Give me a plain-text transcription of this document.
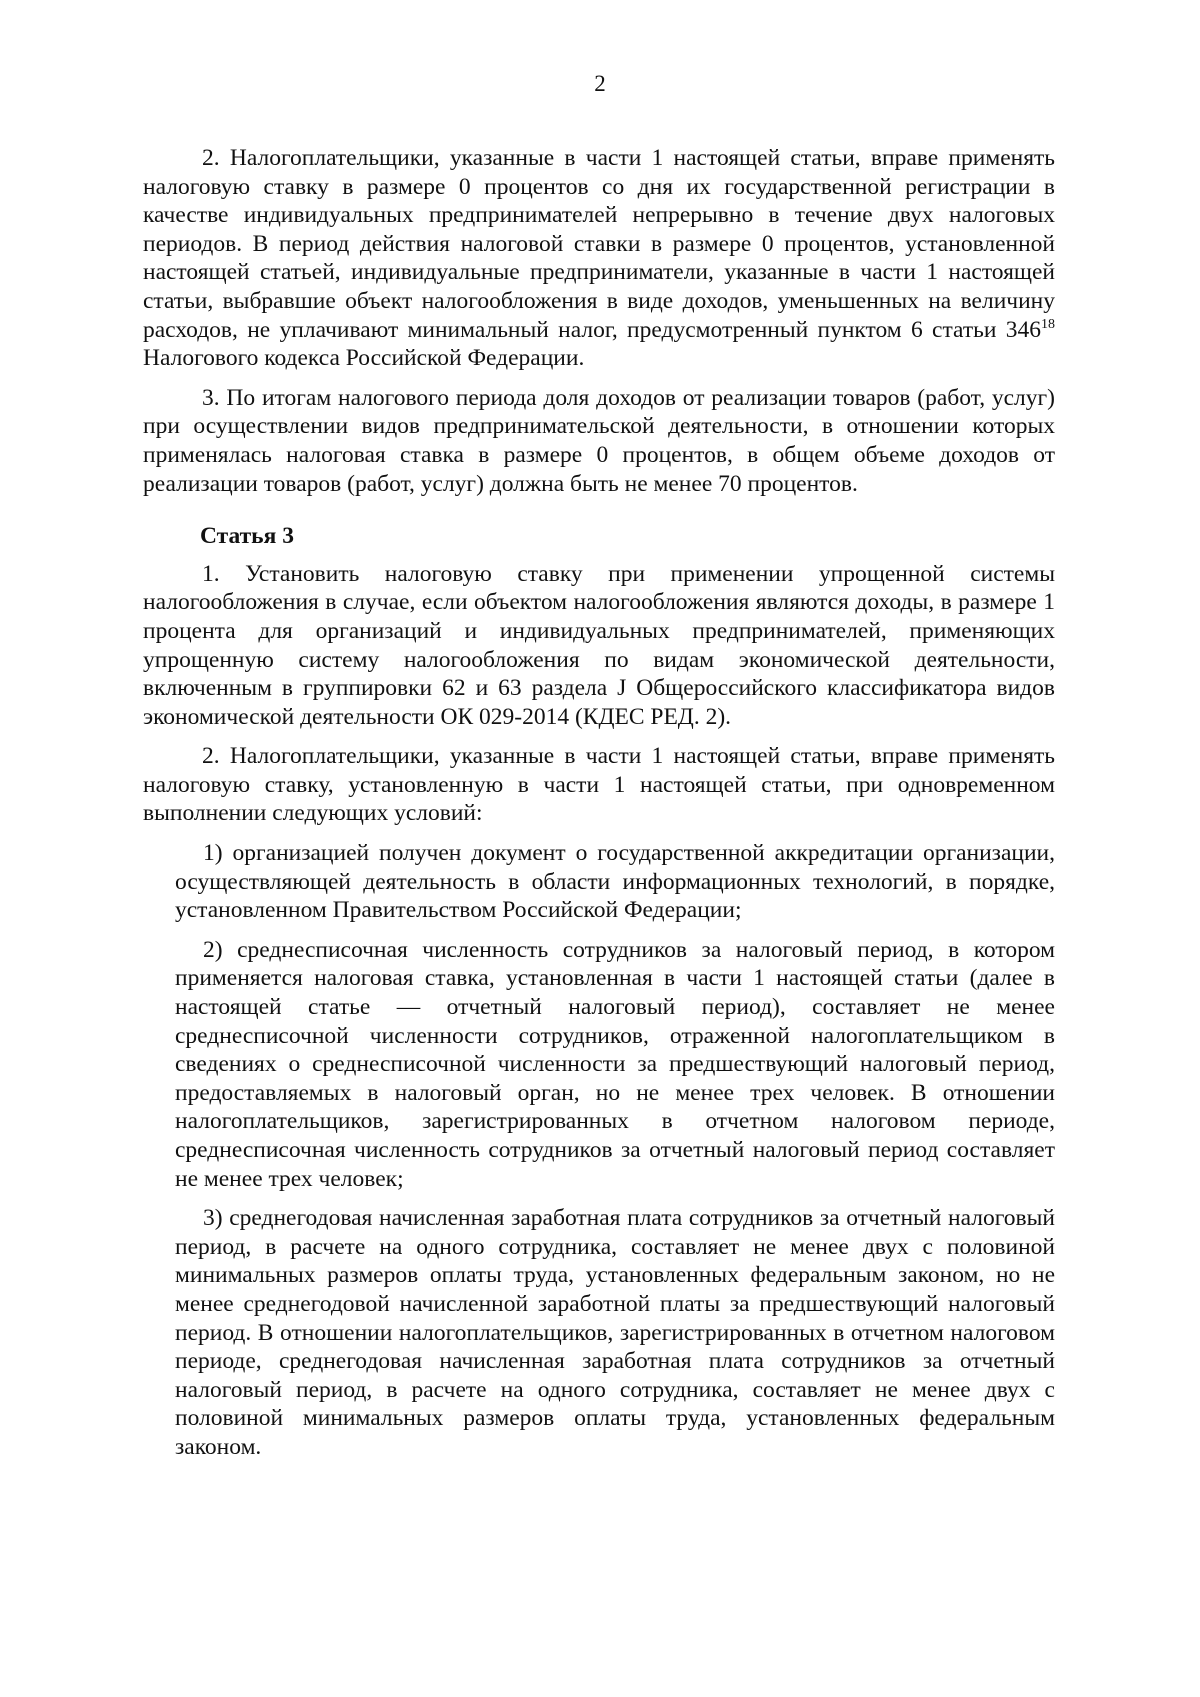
2

2. Налогоплательщики, указанные в части 1 настоящей статьи, вправе применять налоговую ставку в размере 0 процентов со дня их государственной регистрации в качестве индивидуальных предпринимателей непрерывно в течение двух налоговых периодов. В период действия налоговой ставки в размере 0 процентов, установленной настоящей статьей, индивидуальные предприниматели, указанные в части 1 настоящей статьи, выбравшие объект налогообложения в виде доходов, уменьшенных на величину расходов, не уплачивают минимальный налог, предусмотренный пунктом 6 статьи $346^{18}$ Налогового кодекса Российской Федерации.

3. По итогам налогового периода доля доходов от реализации товаров (работ, услуг) при осуществлении видов предпринимательской деятельности, в отношении которых применялась налоговая ставка в размере 0 процентов, в общем объеме доходов от реализации товаров (работ, услуг) должна быть не менее 70 процентов.

Статья 3

1. Установить налоговую ставку при применении упрощенной системы налогообложения в случае, если объектом налогообложения являются доходы, в размере 1 процента для организаций и индивидуальных предпринимателей, применяющих упрощенную систему налогообложения по видам экономической деятельности, включенным в группировки 62 и 63 раздела J Общероссийского классификатора видов экономической деятельности ОК 029-2014 (КДЕС РЕД. 2).

2. Налогоплательщики, указанные в части 1 настоящей статьи, вправе применять налоговую ставку, установленную в части 1 настоящей статьи, при одновременном выполнении следующих условий:

1) организацией получен документ о государственной аккредитации организации, осуществляющей деятельность в области информационных технологий, в порядке, установленном Правительством Российской Федерации;

2) среднесписочная численность сотрудников за налоговый период, в котором применяется налоговая ставка, установленная в части 1 настоящей статьи (далее в настоящей статье — отчетный налоговый период), составляет не менее среднесписочной численности сотрудников, отраженной налогоплательщиком в сведениях о среднесписочной численности за предшествующий налоговый период, предоставляемых в налоговый орган, но не менее трех человек. В отношении налогоплательщиков, зарегистрированных в отчетном налоговом периоде, среднесписочная численность сотрудников за отчетный налоговый период составляет не менее трех человек;

3) среднегодовая начисленная заработная плата сотрудников за отчетный налоговый период, в расчете на одного сотрудника, составляет не менее двух с половиной минимальных размеров оплаты труда, установленных федеральным законом, но не менее среднегодовой начисленной заработной платы за предшествующий налоговый период. В отношении налогоплательщиков, зарегистрированных в отчетном налоговом периоде, среднегодовая начисленная заработная плата сотрудников за отчетный налоговый период, в расчете на одного сотрудника, составляет не менее двух с половиной минимальных размеров оплаты труда, установленных федеральным законом.
